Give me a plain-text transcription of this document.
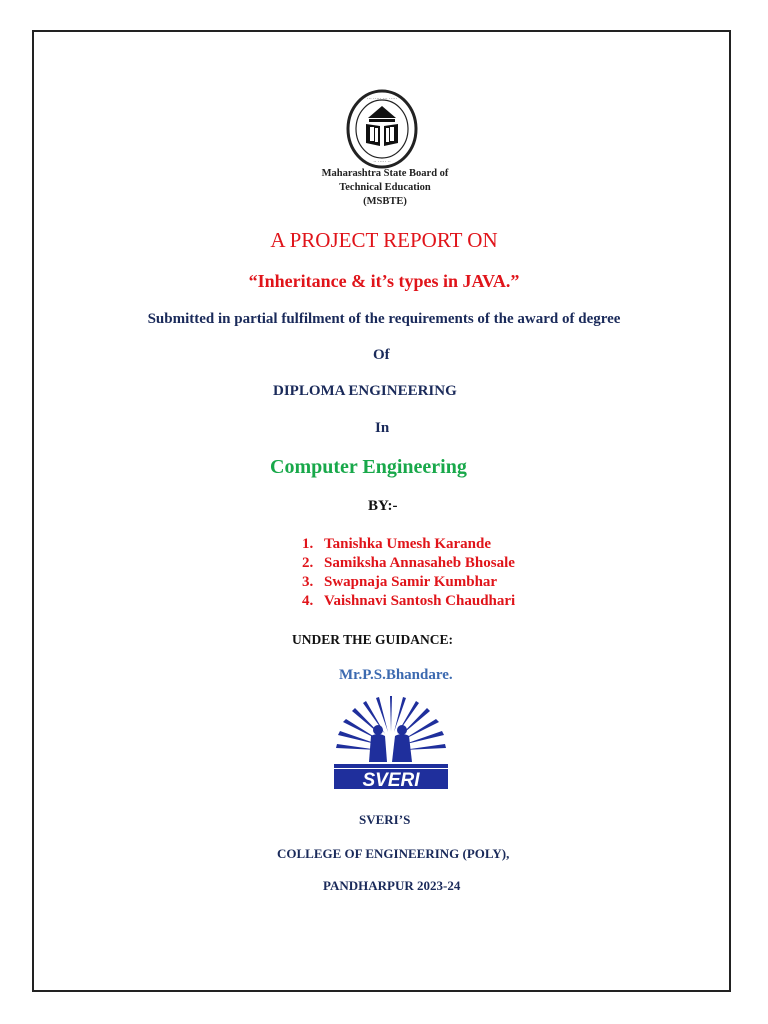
··· ····· ··· ·····
·· ····· ··
Maharashtra State Board of
Technical Education
(MSBTE)
A PROJECT REPORT ON
“Inheritance & it’s types in JAVA.”
Submitted in partial fulfilment of the requirements of the award of degree
Of
DIPLOMA ENGINEERING
In
Computer Engineering
BY:-
1. Tanishka Umesh Karande
2. Samiksha Annasaheb Bhosale
3. Swapnaja Samir Kumbhar
4. Vaishnavi Santosh Chaudhari
UNDER THE GUIDANCE:
Mr.P.S.Bhandare.
SVERI
SVERI’S
COLLEGE OF ENGINEERING (POLY),
PANDHARPUR 2023-24
